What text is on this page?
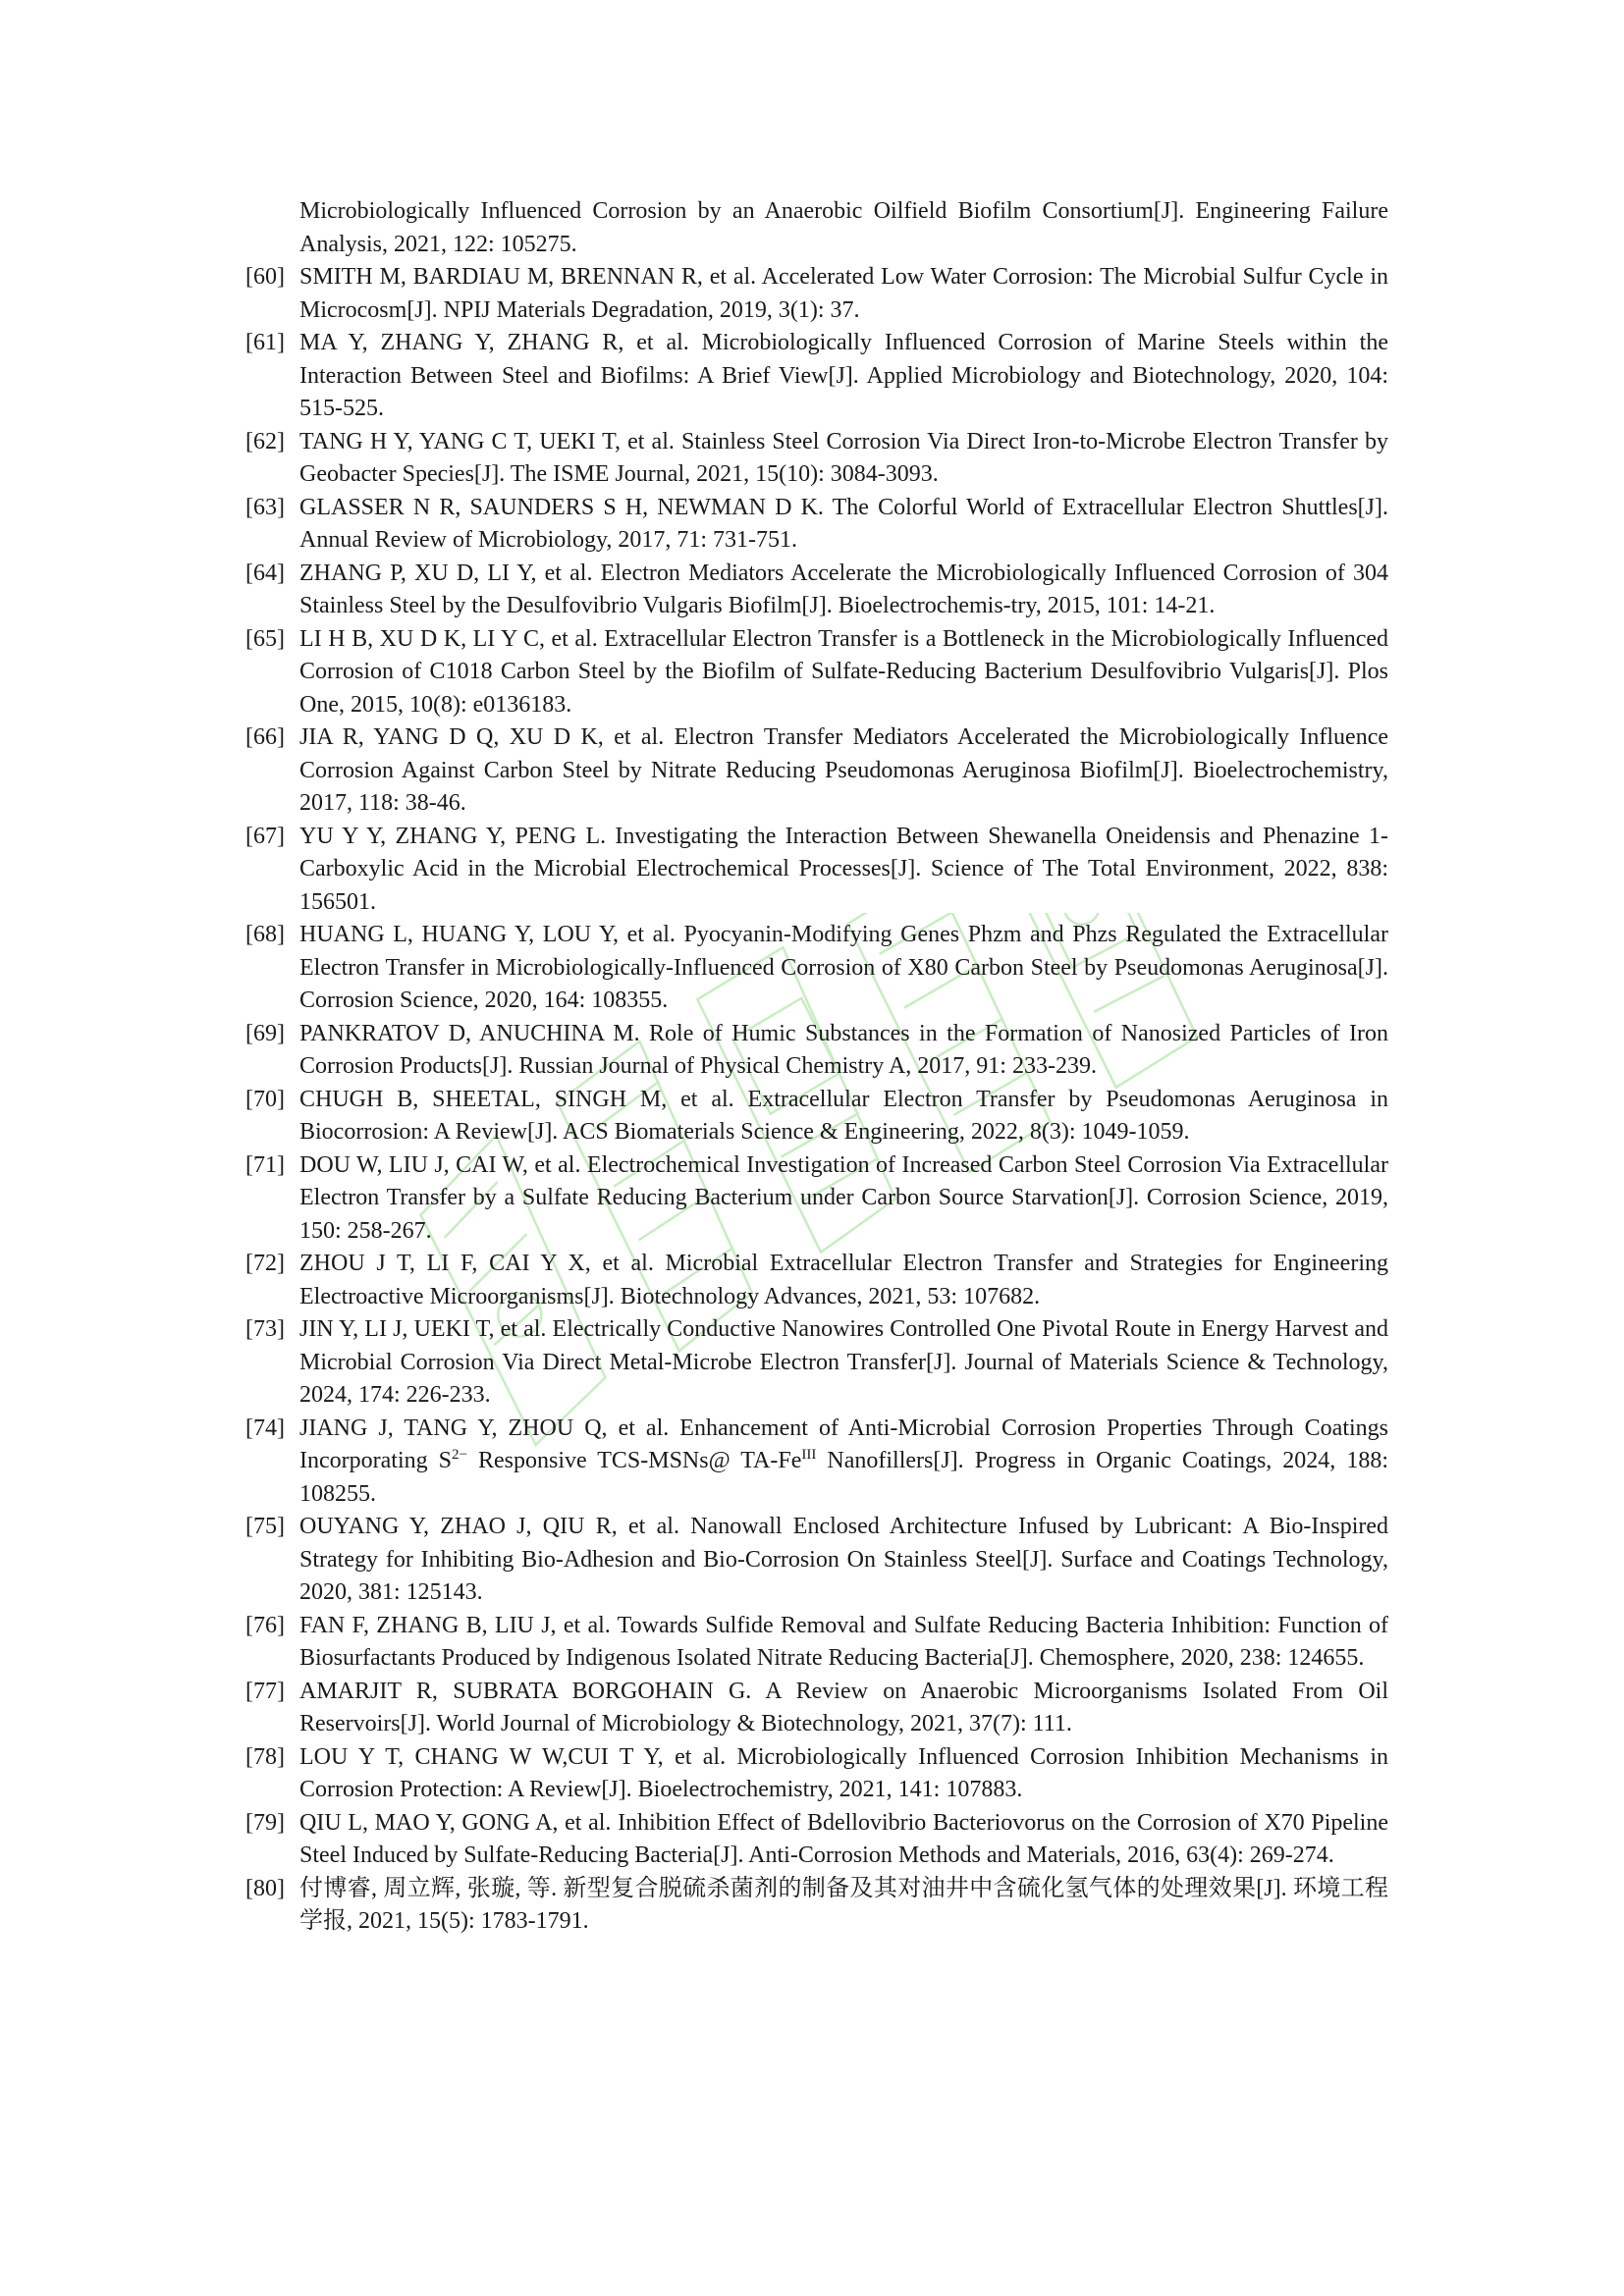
Microbiologically Influenced Corrosion by an Anaerobic Oilfield Biofilm Consortium[J]. Engineering Failure Analysis, 2021, 122: 105275.

[60] SMITH M, BARDIAU M, BRENNAN R, et al. Accelerated Low Water Corrosion: The Microbial Sulfur Cycle in Microcosm[J]. NPIJ Materials Degradation, 2019, 3(1): 37.

[61] MA Y, ZHANG Y, ZHANG R, et al. Microbiologically Influenced Corrosion of Marine Steels within the Interaction Between Steel and Biofilms: A Brief View[J]. Applied Microbiology and Biotechnology, 2020, 104: 515-525.

[62] TANG H Y, YANG C T, UEKI T, et al. Stainless Steel Corrosion Via Direct Iron-to-Microbe Electron Transfer by Geobacter Species[J]. The ISME Journal, 2021, 15(10): 3084-3093.

[63] GLASSER N R, SAUNDERS S H, NEWMAN D K. The Colorful World of Extracellular Electron Shuttles[J]. Annual Review of Microbiology, 2017, 71: 731-751.

[64] ZHANG P, XU D, LI Y, et al. Electron Mediators Accelerate the Microbiologically Influenced Corrosion of 304 Stainless Steel by the Desulfovibrio Vulgaris Biofilm[J]. Bioelectrochemis-try, 2015, 101: 14-21.

[65] LI H B, XU D K, LI Y C, et al. Extracellular Electron Transfer is a Bottleneck in the Microbiologically Influenced Corrosion of C1018 Carbon Steel by the Biofilm of Sulfate-Reducing Bacterium Desulfovibrio Vulgaris[J]. Plos One, 2015, 10(8): e0136183.

[66] JIA R, YANG D Q, XU D K, et al. Electron Transfer Mediators Accelerated the Microbiologically Influence Corrosion Against Carbon Steel by Nitrate Reducing Pseudomonas Aeruginosa Biofilm[J]. Bioelectrochemistry, 2017, 118: 38-46.

[67] YU Y Y, ZHANG Y, PENG L. Investigating the Interaction Between Shewanella Oneidensis and Phenazine 1-Carboxylic Acid in the Microbial Electrochemical Processes[J]. Science of The Total Environment, 2022, 838: 156501.

[68] HUANG L, HUANG Y, LOU Y, et al. Pyocyanin-Modifying Genes Phzm and Phzs Regulated the Extracellular Electron Transfer in Microbiologically-Influenced Corrosion of X80 Carbon Steel by Pseudomonas Aeruginosa[J]. Corrosion Science, 2020, 164: 108355.

[69] PANKRATOV D, ANUCHINA M. Role of Humic Substances in the Formation of Nanosized Particles of Iron Corrosion Products[J]. Russian Journal of Physical Chemistry A, 2017, 91: 233-239.

[70] CHUGH B, SHEETAL, SINGH M, et al. Extracellular Electron Transfer by Pseudomonas Aeruginosa in Biocorrosion: A Review[J]. ACS Biomaterials Science & Engineering, 2022, 8(3): 1049-1059.

[71] DOU W, LIU J, CAI W, et al. Electrochemical Investigation of Increased Carbon Steel Corrosion Via Extracellular Electron Transfer by a Sulfate Reducing Bacterium under Carbon Source Starvation[J]. Corrosion Science, 2019, 150: 258-267.

[72] ZHOU J T, LI F, CAI Y X, et al. Microbial Extracellular Electron Transfer and Strategies for Engineering Electroactive Microorganisms[J]. Biotechnology Advances, 2021, 53: 107682.

[73] JIN Y, LI J, UEKI T, et al. Electrically Conductive Nanowires Controlled One Pivotal Route in Energy Harvest and Microbial Corrosion Via Direct Metal-Microbe Electron Transfer[J]. Journal of Materials Science & Technology, 2024, 174: 226-233.

[74] JIANG J, TANG Y, ZHOU Q, et al. Enhancement of Anti-Microbial Corrosion Properties Through Coatings Incorporating $S^{2-}$ Responsive TCS-MSNs@ $TA-Fe^{III}$ Nanofillers[J]. Progress in Organic Coatings, 2024, 188: 108255.

[75] OUYANG Y, ZHAO J, QIU R, et al. Nanowall Enclosed Architecture Infused by Lubricant: A Bio-Inspired Strategy for Inhibiting Bio-Adhesion and Bio-Corrosion On Stainless Steel[J]. Surface and Coatings Technology, 2020, 381: 125143.

[76] FAN F, ZHANG B, LIU J, et al. Towards Sulfide Removal and Sulfate Reducing Bacteria Inhibition: Function of Biosurfactants Produced by Indigenous Isolated Nitrate Reducing Bacteria[J]. Chemosphere, 2020, 238: 124655.

[77] AMARJIT R, SUBRATA BORGOHAIN G. A Review on Anaerobic Microorganisms Isolated From Oil Reservoirs[J]. World Journal of Microbiology & Biotechnology, 2021, 37(7): 111.

[78] LOU Y T, CHANG W W,CUI T Y, et al. Microbiologically Influenced Corrosion Inhibition Mechanisms in Corrosion Protection: A Review[J]. Bioelectrochemistry, 2021, 141: 107883.

[79] QIU L, MAO Y, GONG A, et al. Inhibition Effect of Bdellovibrio Bacteriovorus on the Corrosion of X70 Pipeline Steel Induced by Sulfate-Reducing Bacteria[J]. Anti-Corrosion Methods and Materials, 2016, 63(4): 269-274.

[80] 付博睿, 周立辉, 张璇, 等. 新型复合脱硫杀菌剂的制备及其对油井中含硫化氢气体的处理效果[J]. 环境工程学报, 2021, 15(5): 1783-1791.
